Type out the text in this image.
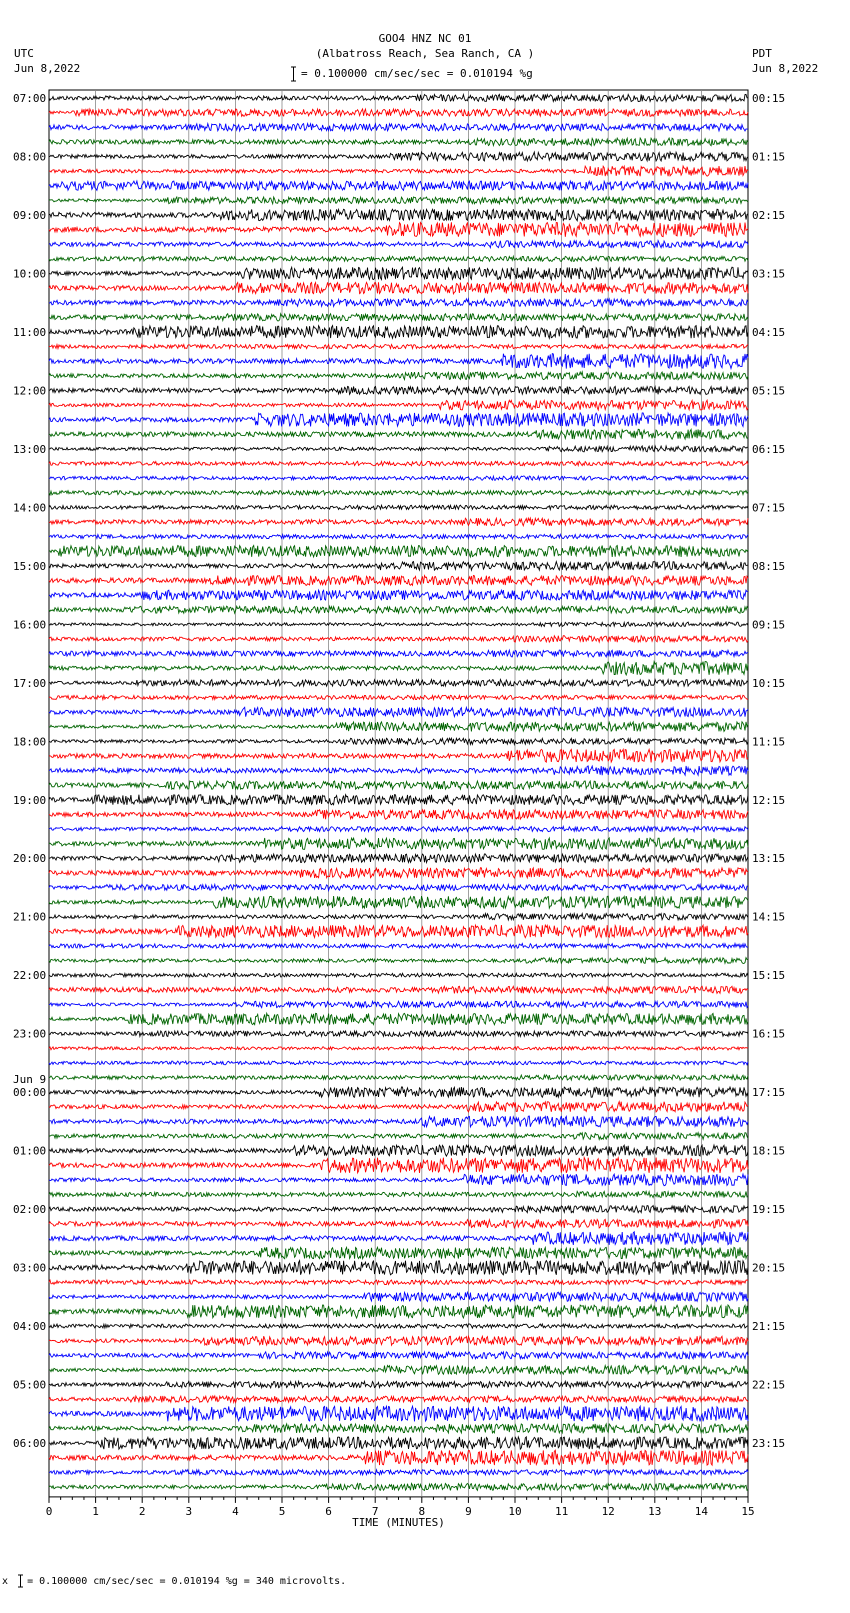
GOO4 HNZ NC 01
(Albatross Reach, Sea Ranch, CA )
UTC
Jun 8,2022
PDT
Jun 8,2022
= 0.100000 cm/sec/sec = 0.010194 %g
07:00	00:15
08:00	01:15
09:00	02:15
10:00	03:15
11:00	04:15
12:00	05:15
13:00	06:15
14:00	07:15
15:00	08:15
16:00	09:15
17:00	10:15
18:00	11:15
19:00	12:15
20:00	13:15
21:00	14:15
22:00	15:15
23:00	16:15
00:00	17:15
Jun 9
01:00	18:15
02:00	19:15
03:00	20:15
04:00	21:15
05:00	22:15
06:00	23:15
0	1	2	3	4	5	6	7	8	9	10	11	12	13	14	15
TIME (MINUTES)
x = 0.100000 cm/sec/sec = 0.010194 %g = 340 microvolts.
